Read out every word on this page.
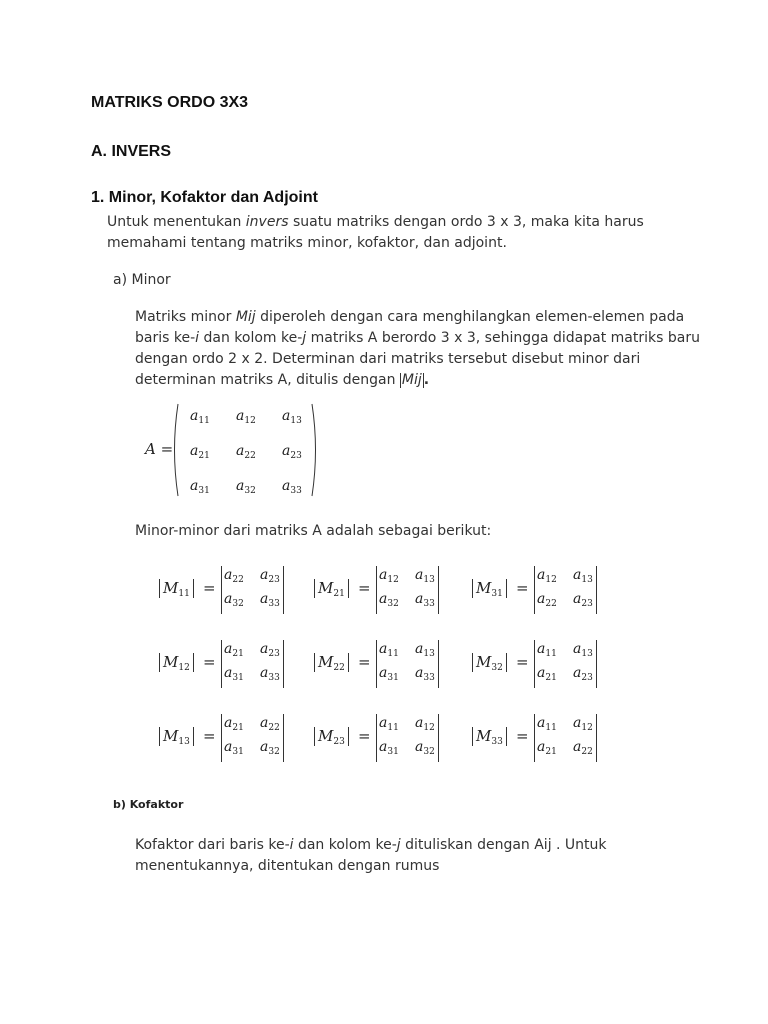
MATRIKS ORDO 3X3
A. INVERS
1. Minor, Kofaktor dan Adjoint
Untuk menentukan invers suatu matriks dengan ordo 3 x 3, maka kita harus
memahami tentang matriks minor, kofaktor, dan adjoint.
a) Minor
Matriks minor Mij diperoleh dengan cara menghilangkan elemen-elemen pada
baris ke-i dan kolom ke-j matriks A berordo 3 x 3, sehingga didapat matriks baru
dengan ordo 2 x 2. Determinan dari matriks tersebut disebut minor dari
determinan matriks A, ditulis dengan Mij .
A =
$a_{11}$ $a_{12}$ $a_{13}$
$a_{21}$ $a_{22}$ $a_{23}$
$a_{31}$ $a_{32}$ $a_{33}$
Minor-minor dari matriks A adalah sebagai berikut:
$M_{11}$ =
$a_{22}$ $a_{23}$
$a_{32}$ $a_{33}$
$M_{21}$ =
$a_{12}$ $a_{13}$
$a_{32}$ $a_{33}$
$M_{31}$ =
$a_{12}$ $a_{13}$
$a_{22}$ $a_{23}$
$M_{12}$ =
$a_{21}$ $a_{23}$
$a_{31}$ $a_{33}$
$M_{22}$ =
$a_{11}$ $a_{13}$
$a_{31}$ $a_{33}$
$M_{32}$ =
$a_{11}$ $a_{13}$
$a_{21}$ $a_{23}$
$M_{13}$ =
$a_{21}$ $a_{22}$
$a_{31}$ $a_{32}$
$M_{23}$ =
$a_{11}$ $a_{12}$
$a_{31}$ $a_{32}$
$M_{33}$ =
$a_{11}$ $a_{12}$
$a_{21}$ $a_{22}$
b) Kofaktor
Kofaktor dari baris ke-i dan kolom ke-j dituliskan dengan Aij . Untuk
menentukannya, ditentukan dengan rumus
